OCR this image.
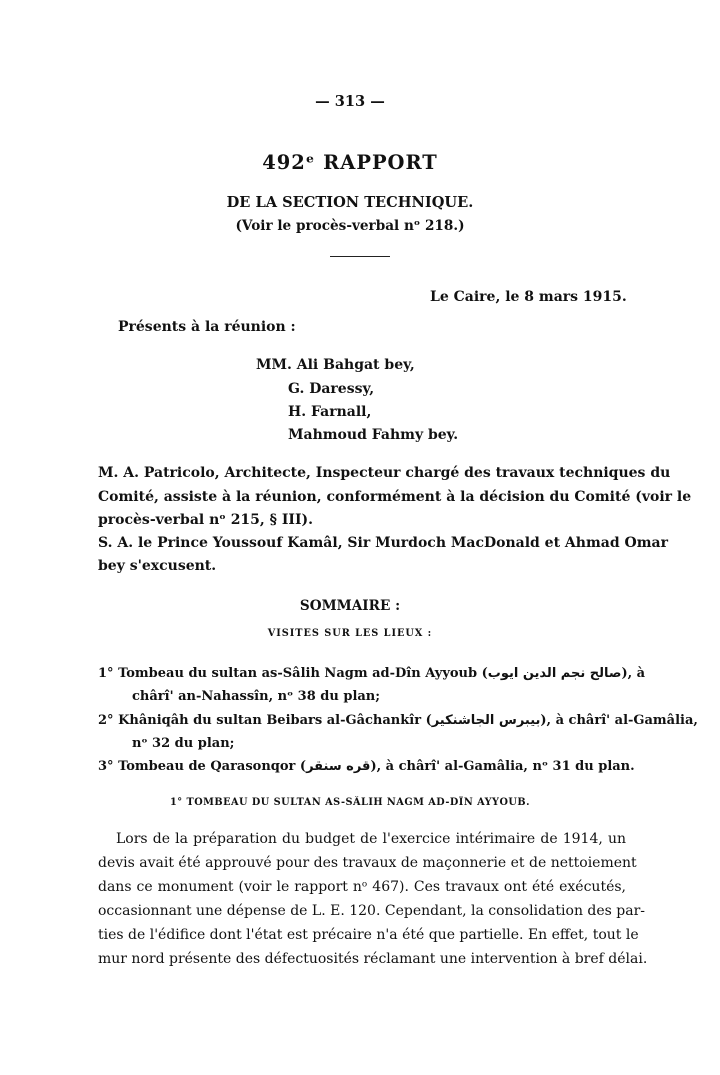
— 313 —
492ᵉ RAPPORT
DE LA SECTION TECHNIQUE.
(Voir le procès-verbal nᵒ 218.)
Le Caire, le 8 mars 1915.
Présents à la réunion :
MM. Ali Bahgat bey,
G. Daressy,
H. Farnall,
Mahmoud Fahmy bey.
M. A. Patricolo, Architecte, Inspecteur chargé des travaux techniques du
Comité, assiste à la réunion, conformément à la décision du Comité (voir le
procès-verbal nᵒ 215, § III).
S. A. le Prince Youssouf Kamâl, Sir Murdoch MacDonald et Ahmad Omar
bey s'excusent.
SOMMAIRE :
VISITES SUR LES LIEUX :
1° Tombeau du sultan as-Sâlih Nagm ad-Dîn Ayyoub (صالح نجم الدين ايوب), à
chârî' an-Nahassîn, nᵒ 38 du plan;
2° Khâniqâh du sultan Beibars al-Gâchankîr (بيبرس الجاشنكير), à chârî' al-Gamâlia,
nᵒ 32 du plan;
3° Tombeau de Qarasonqor (قره سنقر), à chârî' al-Gamâlia, nᵒ 31 du plan.
1° TOMBEAU DU SULTAN AS-SÂLIH NAGM AD-DÎN AYYOUB.
Lors de la préparation du budget de l'exercice intérimaire de 1914, un
devis avait été approuvé pour des travaux de maçonnerie et de nettoiement
dans ce monument (voir le rapport nᵒ 467). Ces travaux ont été exécutés,
occasionnant une dépense de L. E. 120. Cependant, la consolidation des par-
ties de l'édifice dont l'état est précaire n'a été que partielle. En effet, tout le
mur nord présente des défectuosités réclamant une intervention à bref délai.
